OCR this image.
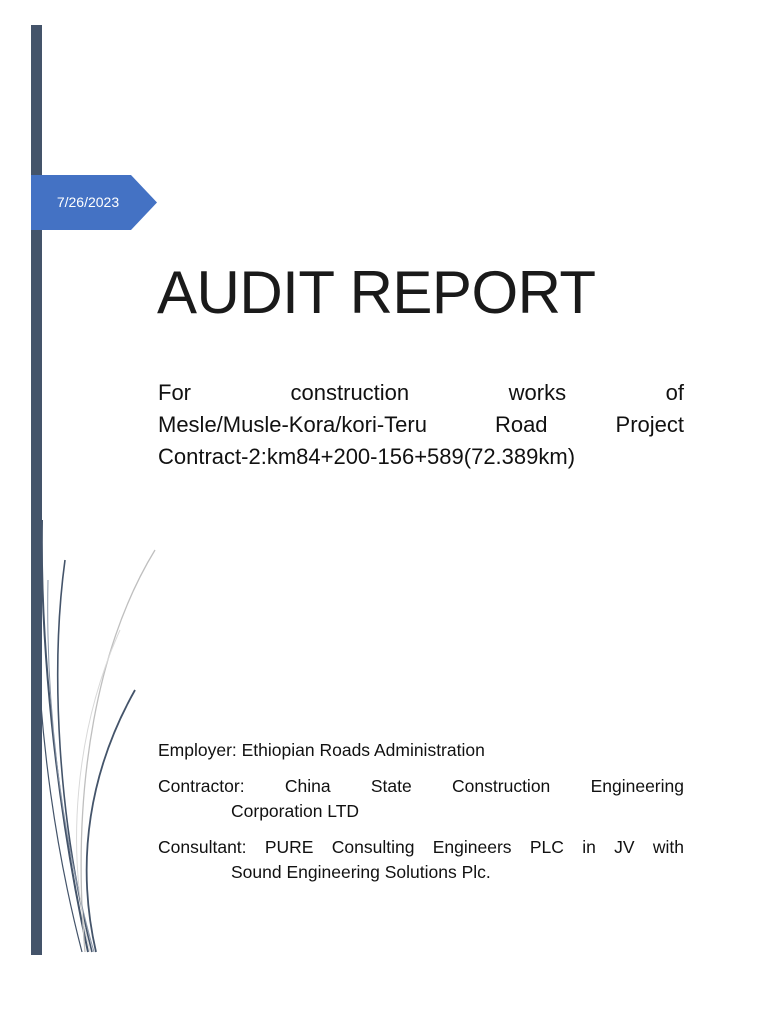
7/26/2023
AUDIT REPORT
For construction works of
Mesle/Musle-Kora/kori-Teru Road Project
Contract-2:km84+200-156+589(72.389km)
Employer: Ethiopian Roads Administration
Contractor: China State Construction Engineering
Corporation LTD
Consultant: PURE Consulting Engineers PLC in JV with
Sound Engineering Solutions Plc.
